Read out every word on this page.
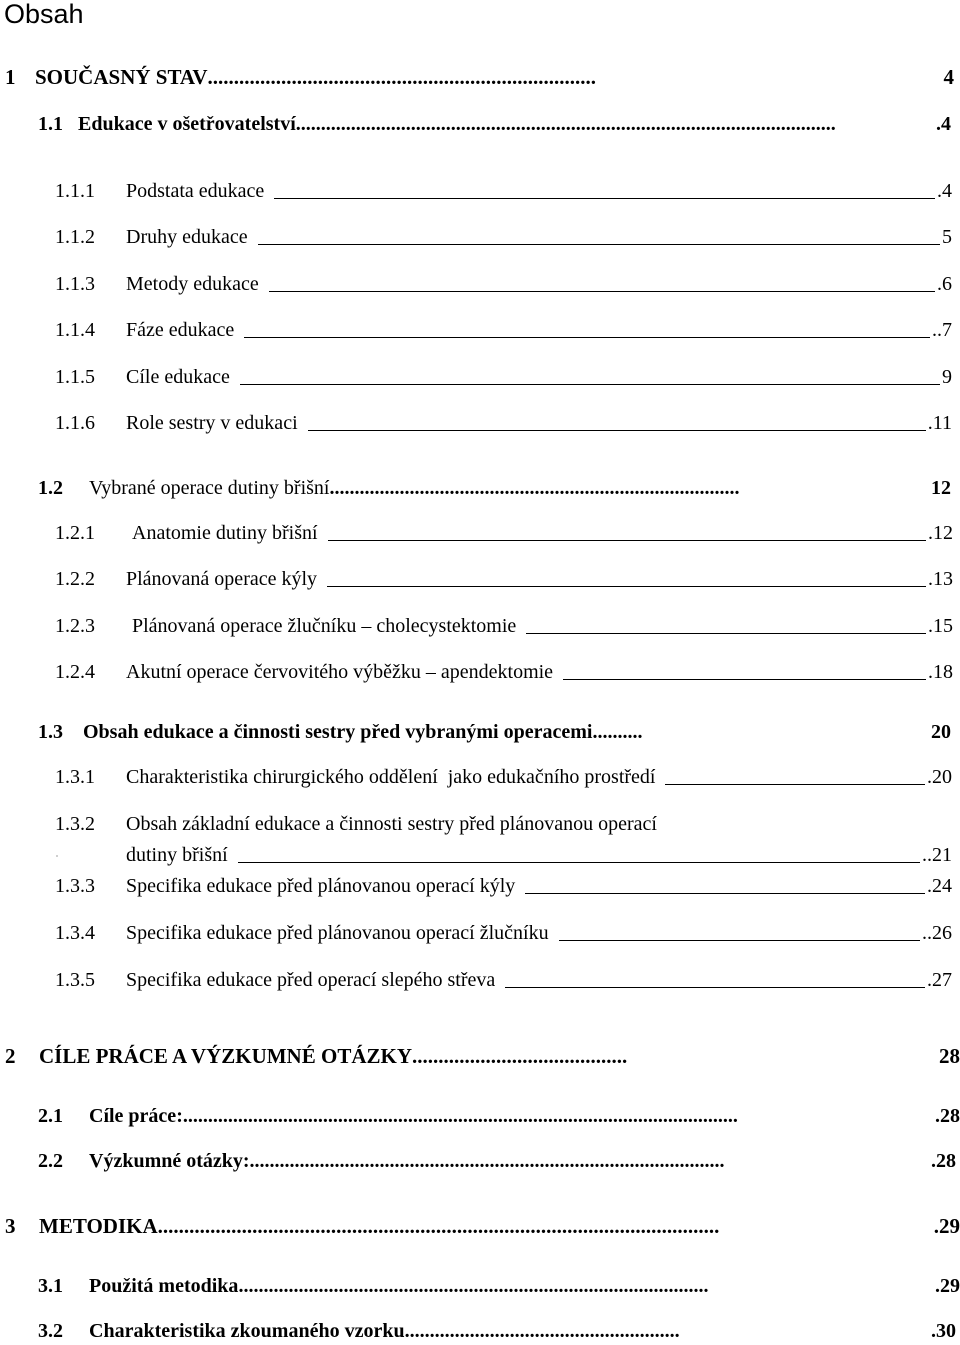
Obsah
1 SOUČASNÝ STAV ..........................................................................	4
1.1 Edukace v ošetřovatelství ............................................................................................................	.4
1.1.1	Podstata edukace	.4
1.1.2	Druhy edukace	5
1.1.3	Metody edukace	.6
1.1.4	Fáze edukace	..7
1.1.5	Cíle edukace	9
1.1.6	Role sestry v edukaci	.11
1.2	Vybrané operace dutiny břišní ..................................................................................	12
1.2.1	Anatomie dutiny břišní	.12
1.2.2	Plánovaná operace kýly	.13
1.2.3	Plánovaná operace žlučníku – cholecystektomie	.15
1.2.4	Akutní operace červovitého výběžku – apendektomie	.18
1.3	Obsah edukace a činnosti sestry před vybranými operacemi ..........	20
1.3.1	Charakteristika chirurgického oddělení  jako edukačního prostředí	.20
1.3.2	Obsah základní edukace a činnosti sestry před plánovanou operací
dutiny břišní	..21
1.3.3	Specifika edukace před plánovanou operací kýly	.24
1.3.4	Specifika edukace před plánovanou operací žlučníku	..26
1.3.5	Specifika edukace před operací slepého střeva	.27
2	CÍLE PRÁCE A VÝZKUMNÉ OTÁZKY .........................................	28
2.1	Cíle práce: ...............................................................................................................	.28
2.2	Výzkumné otázky: ...............................................................................................	.28
3	METODIKA ...........................................................................................................	.29
3.1	Použitá metodika ..............................................................................................	.29
3.2	Charakteristika zkoumaného vzorku .......................................................	.30
